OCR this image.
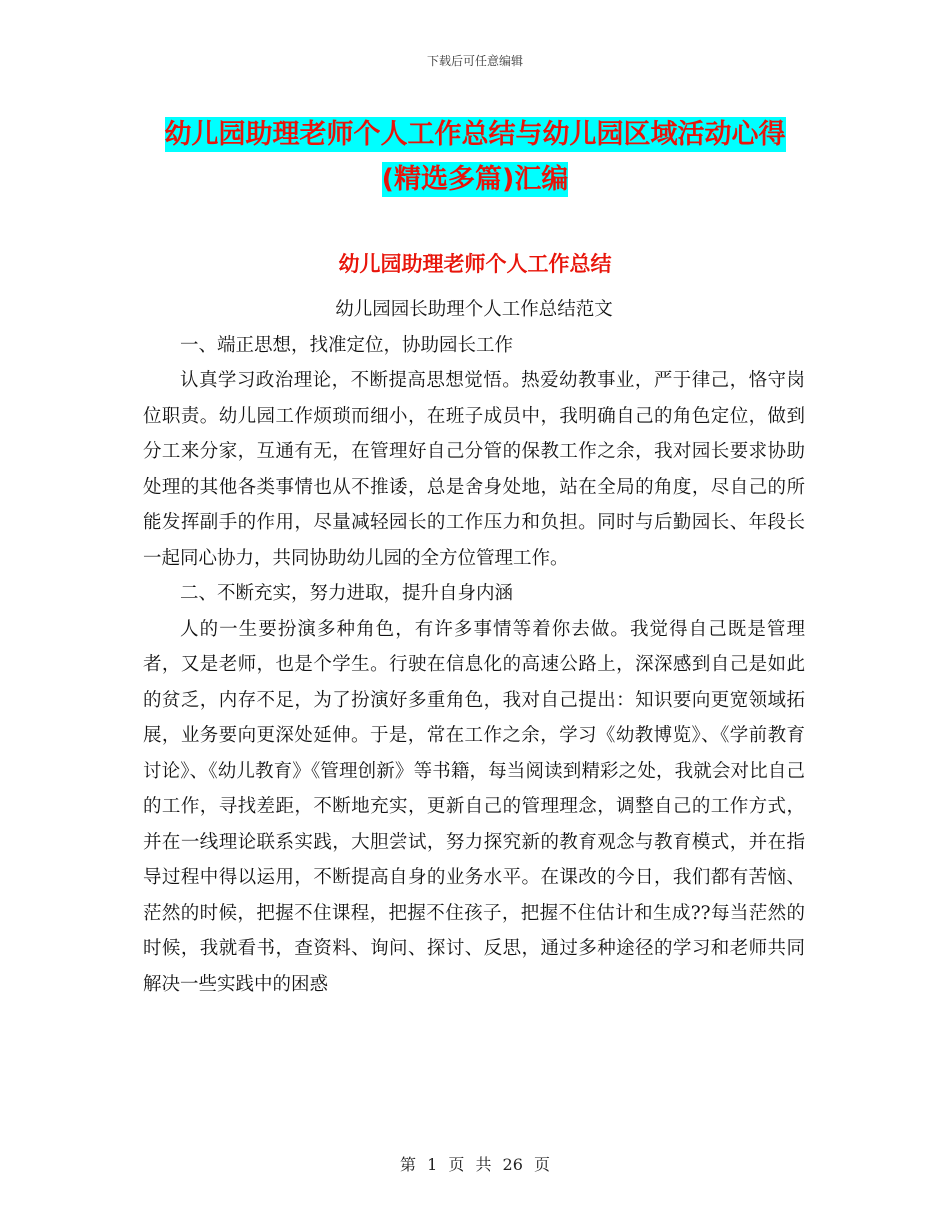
下载后可任意编辑
幼儿园助理老师个人工作总结与幼儿园区域活动心得
(精选多篇)汇编
幼儿园助理老师个人工作总结

幼儿园园长助理个人工作总结范文

一、端正思想，找准定位，协助园长工作

认真学习政治理论，不断提高思想觉悟。热爱幼教事业，严于律己，恪守岗位职责。幼儿园工作烦琐而细小，在班子成员中，我明确自己的角色定位，做到分工来分家，互通有无，在管理好自己分管的保教工作之余，我对园长要求协助处理的其他各类事情也从不推诿，总是舍身处地，站在全局的角度，尽自己的所能发挥副手的作用，尽量减轻园长的工作压力和负担。同时与后勤园长、年段长一起同心协力，共同协助幼儿园的全方位管理工作。

二、不断充实，努力进取，提升自身内涵

人的一生要扮演多种角色，有许多事情等着你去做。我觉得自己既是管理者，又是老师，也是个学生。行驶在信息化的高速公路上，深深感到自己是如此的贫乏，内存不足，为了扮演好多重角色，我对自己提出：知识要向更宽领域拓展，业务要向更深处延伸。于是，常在工作之余，学习《幼教博览》、《学前教育讨论》、《幼儿教育》《管理创新》等书籍，每当阅读到精彩之处，我就会对比自己的工作，寻找差距，不断地充实，更新自己的管理理念，调整自己的工作方式，并在一线理论联系实践，大胆尝试，努力探究新的教育观念与教育模式，并在指导过程中得以运用，不断提高自身的业务水平。在课改的今日，我们都有苦恼、茫然的时候，把握不住课程，把握不住孩子，把握不住估计和生成??每当茫然的时候，我就看书，查资料、询问、探讨、反思，通过多种途径的学习和老师共同解决一些实践中的困惑

第 1 页 共 26 页
